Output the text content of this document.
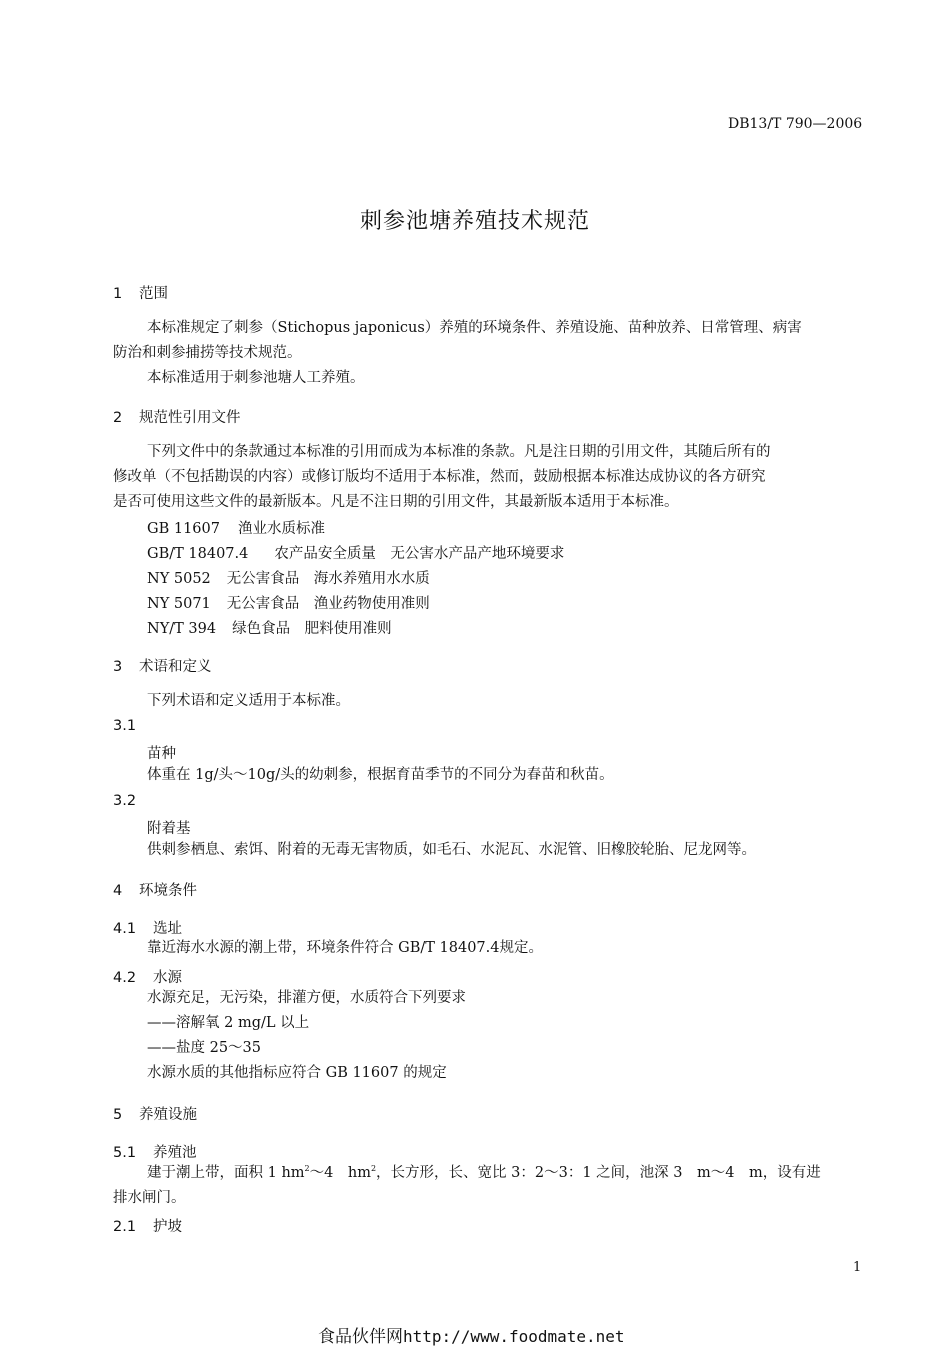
DB13/T 790—2006
刺参池塘养殖技术规范
1 范围
本标准规定了刺参（Stichopus japonicus）养殖的环境条件、养殖设施、苗种放养、日常管理、病害
防治和刺参捕捞等技术规范。
本标准适用于刺参池塘人工养殖。
2 规范性引用文件
下列文件中的条款通过本标准的引用而成为本标准的条款。凡是注日期的引用文件，其随后所有的
修改单（不包括勘误的内容）或修订版均不适用于本标准，然而，鼓励根据本标准达成协议的各方研究
是否可使用这些文件的最新版本。凡是不注日期的引用文件，其最新版本适用于本标准。
GB 11607 渔业水质标准
GB/T 18407.4 农产品安全质量　无公害水产品产地环境要求
NY 5052 无公害食品　海水养殖用水水质
NY 5071 无公害食品　渔业药物使用准则
NY/T 394 绿色食品　肥料使用准则
3 术语和定义
下列术语和定义适用于本标准。
3.1
苗种
体重在 1g/头～10g/头的幼刺参，根据育苗季节的不同分为春苗和秋苗。
3.2
附着基
供刺参栖息、索饵、附着的无毒无害物质，如毛石、水泥瓦、水泥管、旧橡胶轮胎、尼龙网等。
4 环境条件
4.1 选址
靠近海水水源的潮上带，环境条件符合 GB/T 18407.4规定。
4.2 水源
水源充足，无污染，排灌方便，水质符合下列要求
——溶解氧 2 mg/L 以上
——盐度 25～35
水源水质的其他指标应符合 GB 11607 的规定
5 养殖设施
5.1 养殖池
建于潮上带，面积 1 $hm^2\sim 4$　$hm^2$，长方形，长、宽比 3：2～3：1 之间，池深 3　m～4　m，设有进
排水闸门。
2.1 护坡
1
食品伙伴网http://www.foodmate.net
